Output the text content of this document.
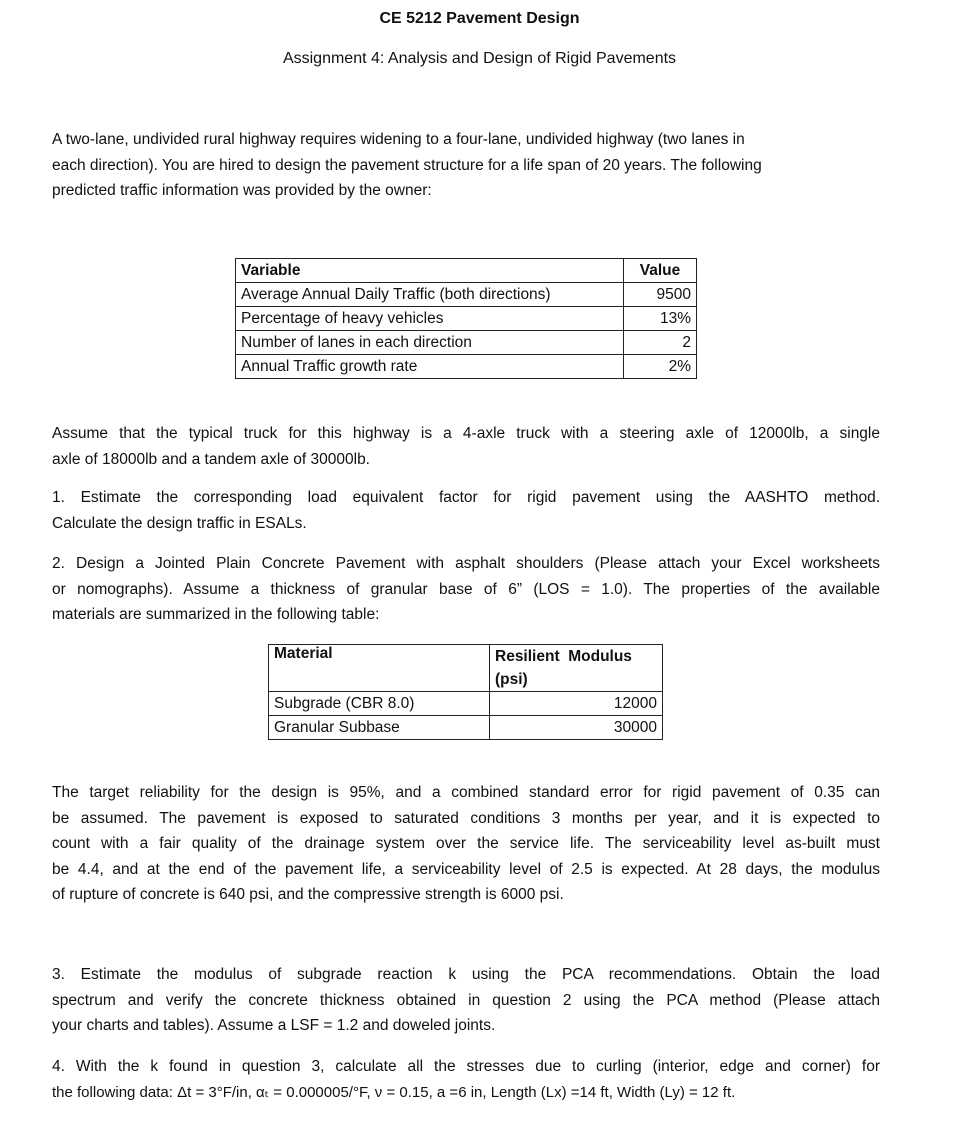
CE 5212 Pavement Design
Assignment 4: Analysis and Design of Rigid Pavements
A two-lane, undivided rural highway requires widening to a four-lane, undivided highway (two lanes in
each direction). You are hired to design the pavement structure for a life span of 20 years. The following
predicted traffic information was provided by the owner:
Variable	Value
Average Annual Daily Traffic (both directions)	9500
Percentage of heavy vehicles	13%
Number of lanes in each direction	2
Annual Traffic growth rate	2%
Assume that the typical truck for this highway is a 4-axle truck with a steering axle of 12000lb, a single
axle of 18000lb and a tandem axle of 30000lb.
1. Estimate the corresponding load equivalent factor for rigid pavement using the AASHTO method.
Calculate the design traffic in ESALs.
2. Design a Jointed Plain Concrete Pavement with asphalt shoulders (Please attach your Excel worksheets
or nomographs). Assume a thickness of granular base of 6” (LOS = 1.0). The properties of the available
materials are summarized in the following table:
Material	Resilient  Modulus
(psi)

Subgrade (CBR 8.0)	12000
Granular Subbase	30000
The target reliability for the design is 95%, and a combined standard error for rigid pavement of 0.35 can
be assumed. The pavement is exposed to saturated conditions 3 months per year, and it is expected to
count with a fair quality of the drainage system over the service life. The serviceability level as-built must
be 4.4, and at the end of the pavement life, a serviceability level of 2.5 is expected. At 28 days, the modulus
of rupture of concrete is 640 psi, and the compressive strength is 6000 psi.
3. Estimate the modulus of subgrade reaction k using the PCA recommendations. Obtain the load
spectrum and verify the concrete thickness obtained in question 2 using the PCA method (Please attach
your charts and tables). Assume a LSF = 1.2 and doweled joints.
4. With the k found in question 3, calculate all the stresses due to curling (interior, edge and corner) for
the following data: Δt = 3°F/in, αₜ = 0.000005/°F, ν = 0.15, a =6 in, Length (Lx) =14 ft, Width (Ly) = 12 ft.
